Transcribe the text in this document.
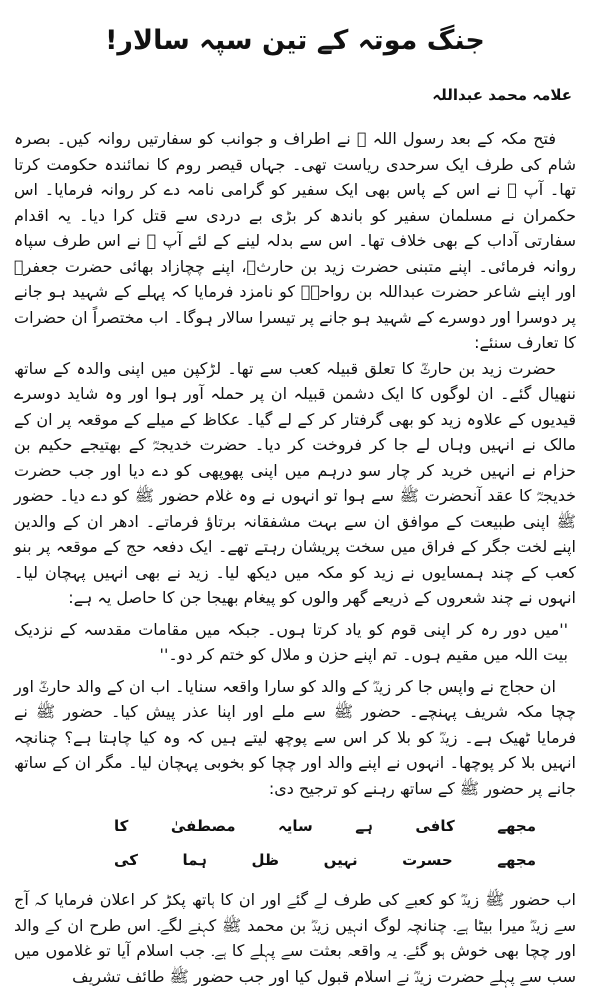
جنگ موتہ کے تین سپہ سالار!
علامہ محمد عبداللہ

فتح مکہ کے بعد رسول اللہ ﷺ نے اطراف و جوانب کو سفارتیں روانہ کیں۔ بصرہ شام کی طرف ایک سرحدی ریاست تھی۔ جہاں قیصر روم کا نمائندہ حکومت کرتا تھا۔ آپ ﷺ نے اس کے پاس بھی ایک سفیر کو گرامی نامہ دے کر روانہ فرمایا۔ اس حکمران نے مسلمان سفیر کو باندھ کر بڑی بے دردی سے قتل کرا دیا۔ یہ اقدام سفارتی آداب کے بھی خلاف تھا۔ اس سے بدلہ لینے کے لئے آپ ﷺ نے اس طرف سپاہ روانہ فرمائی۔ اپنے متبنی حضرت زید بن حارثؓ، اپنے چچازاد بھائی حضرت جعفرؓ اور اپنے شاعر حضرت عبداللہ بن رواحہؓ کو نامزد فرمایا کہ پہلے کے شہید ہو جانے پر دوسرا اور دوسرے کے شہید ہو جانے پر تیسرا سالار ہوگا۔ اب مختصراً ان حضرات کا تعارف سنئے:

حضرت زید بن حارثؓ کا تعلق قبیلہ کعب سے تھا۔ لڑکپن میں اپنی والدہ کے ساتھ ننھیال گئے۔ ان لوگوں کا ایک دشمن قبیلہ ان پر حملہ آور ہوا اور وہ شاید دوسرے قیدیوں کے علاوہ زید کو بھی گرفتار کر کے لے گیا۔ عکاظ کے میلے کے موقعہ پر ان کے مالک نے انہیں وہاں لے جا کر فروخت کر دیا۔ حضرت خدیجہؓ کے بھتیجے حکیم بن حزام نے انہیں خرید کر چار سو درہم میں اپنی پھوپھی کو دے دیا اور جب حضرت خدیجہؓ کا عقد آنحضرت ﷺ سے ہوا تو انہوں نے وہ غلام حضور ﷺ کو دے دیا۔ حضور ﷺ اپنی طبیعت کے موافق ان سے بہت مشفقانہ برتاؤ فرماتے۔ ادھر ان کے والدین اپنے لخت جگر کے فراق میں سخت پریشان رہتے تھے۔ ایک دفعہ حج کے موقعہ پر بنو کعب کے چند ہمسایوں نے زید کو مکہ میں دیکھ لیا۔ زید نے بھی انہیں پہچان لیا۔ انہوں نے چند شعروں کے ذریعے گھر والوں کو پیغام بھیجا جن کا حاصل یہ ہے:

''میں دور رہ کر اپنی قوم کو یاد کرتا ہوں۔ جبکہ میں مقامات مقدسہ کے نزدیک بیت اللہ میں مقیم ہوں۔ تم اپنے حزن و ملال کو ختم کر دو۔''

ان حجاج نے واپس جا کر زیدؓ کے والد کو سارا واقعہ سنایا۔ اب ان کے والد حارثؓ اور چچا مکہ شریف پہنچے۔ حضور ﷺ سے ملے اور اپنا عذر پیش کیا۔ حضور ﷺ نے فرمایا ٹھیک ہے۔ زیدؓ کو بلا کر اس سے پوچھ لیتے ہیں کہ وہ کیا چاہتا ہے؟ چنانچہ انہیں بلا کر پوچھا۔ انہوں نے اپنے والد اور چچا کو بخوبی پہچان لیا۔ مگر ان کے ساتھ جانے پر حضور ﷺ کے ساتھ رہنے کو ترجیح دی:

مجھے
کافی
ہے
سایہ
مصطفیٰ
کا
مجھے
حسرت
نہیں
ظل
ہما
کی

اب حضور ﷺ زیدؓ کو کعبے کی طرف لے گئے اور ان کا ہاتھ پکڑ کر اعلان فرمایا کہ آج سے زیدؓ میرا بیٹا ہے۔ چنانچہ لوگ انہیں زیدؓ بن محمد ﷺ کہنے لگے۔ اس طرح ان کے والد اور چچا بھی خوش ہو گئے۔ یہ واقعہ بعثت سے پہلے کا ہے۔ جب اسلام آیا تو غلاموں میں سب سے پہلے حضرت زیدؓ نے اسلام قبول کیا اور جب حضور ﷺ طائف تشریف
